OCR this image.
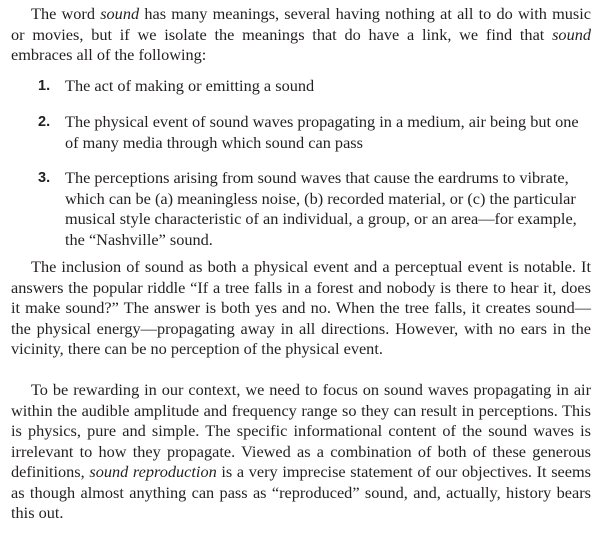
The word sound has many meanings, several having nothing at all to do with music or movies, but if we isolate the meanings that do have a link, we find that sound embraces all of the following:

1. The act of making or emitting a sound
2. The physical event of sound waves propagating in a medium, air being but one of many media through which sound can pass
3. The perceptions arising from sound waves that cause the eardrums to vibrate, which can be (a) meaningless noise, (b) recorded material, or (c) the particular musical style characteristic of an individual, a group, or an area—for example, the “Nashville” sound.

The inclusion of sound as both a physical event and a perceptual event is notable. It answers the popular riddle “If a tree falls in a forest and nobody is there to hear it, does it make sound?” The answer is both yes and no. When the tree falls, it creates sound—the physical energy—propagating away in all directions. However, with no ears in the vicinity, there can be no perception of the physical event.

To be rewarding in our context, we need to focus on sound waves propagating in air within the audible amplitude and frequency range so they can result in perceptions. This is physics, pure and simple. The specific informational content of the sound waves is irrelevant to how they propagate. Viewed as a combination of both of these generous definitions, sound reproduction is a very imprecise statement of our objectives. It seems as though almost anything can pass as “reproduced” sound, and, actually, history bears this out.
